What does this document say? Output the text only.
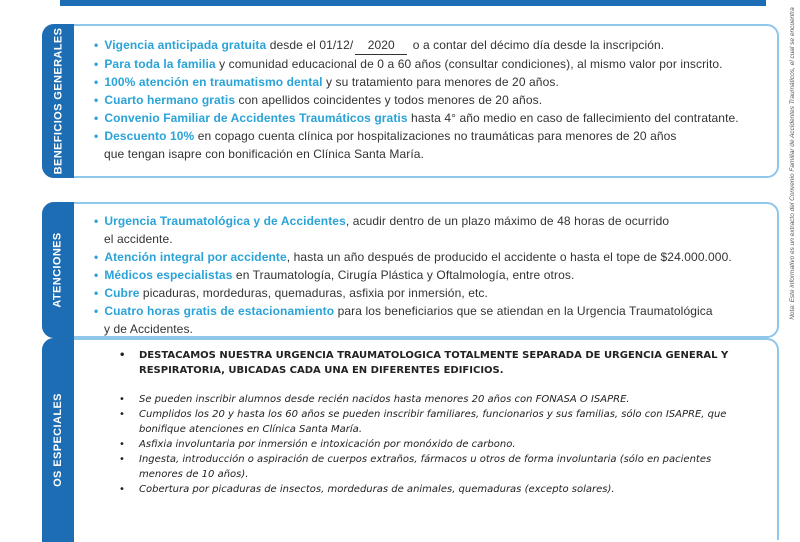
BENEFICIOS GENERALES	• Vigencia anticipada gratuita desde el 01/12/ 2020 o a contar del décimo día desde la inscripción.
• Para toda la familia y comunidad educacional de 0 a 60 años (consultar condiciones), al mismo valor por inscrito.
• 100% atención en traumatismo dental y su tratamiento para menores de 20 años.
• Cuarto hermano gratis con apellidos coincidentes y todos menores de 20 años.
• Convenio Familiar de Accidentes Traumáticos gratis hasta 4° año medio en caso de fallecimiento del contratante.
• Descuento 10% en copago cuenta clínica por hospitalizaciones no traumáticas para menores de 20 años
que tengan isapre con bonificación en Clínica Santa María.
ATENCIONES
• Urgencia Traumatológica y de Accidentes, acudir dentro de un plazo máximo de 48 horas de ocurrido
el accidente.
• Atención integral por accidente, hasta un año después de producido el accidente o hasta el tope de $24.000.000.
• Médicos especialistas en Traumatología, Cirugía Plástica y Oftalmología, entre otros.
• Cubre picaduras, mordeduras, quemaduras, asfixia por inmersión, etc.
• Cuatro horas gratis de estacionamiento para los beneficiarios que se atiendan en la Urgencia Traumatológica
y de Accidentes.
OS ESPECIALES
• DESTACAMOS NUESTRA URGENCIA TRAUMATOLOGICA TOTALMENTE SEPARADA DE URGENCIA GENERAL Y RESPIRATORIA, UBICADAS CADA UNA EN DIFERENTES EDIFICIOS.
• Se pueden inscribir alumnos desde recién nacidos hasta menores 20 años con FONASA O ISAPRE.
• Cumplidos los 20 y hasta los 60 años se pueden inscribir familiares, funcionarios y sus familias, sólo con ISAPRE, que bonifique atenciones en Clínica Santa María.
• Asfixia involuntaria por inmersión e intoxicación por monóxido de carbono.
• Ingesta, introducción o aspiración de cuerpos extraños, fármacos u otros de forma involuntaria (sólo en pacientes menores de 10 años).
• Cobertura por picaduras de insectos, mordeduras de animales, quemaduras (excepto solares).
Nota: Este informativo es un extracto del Convenio Familiar de Accidentes Traumáticos, el cual se encuentra
